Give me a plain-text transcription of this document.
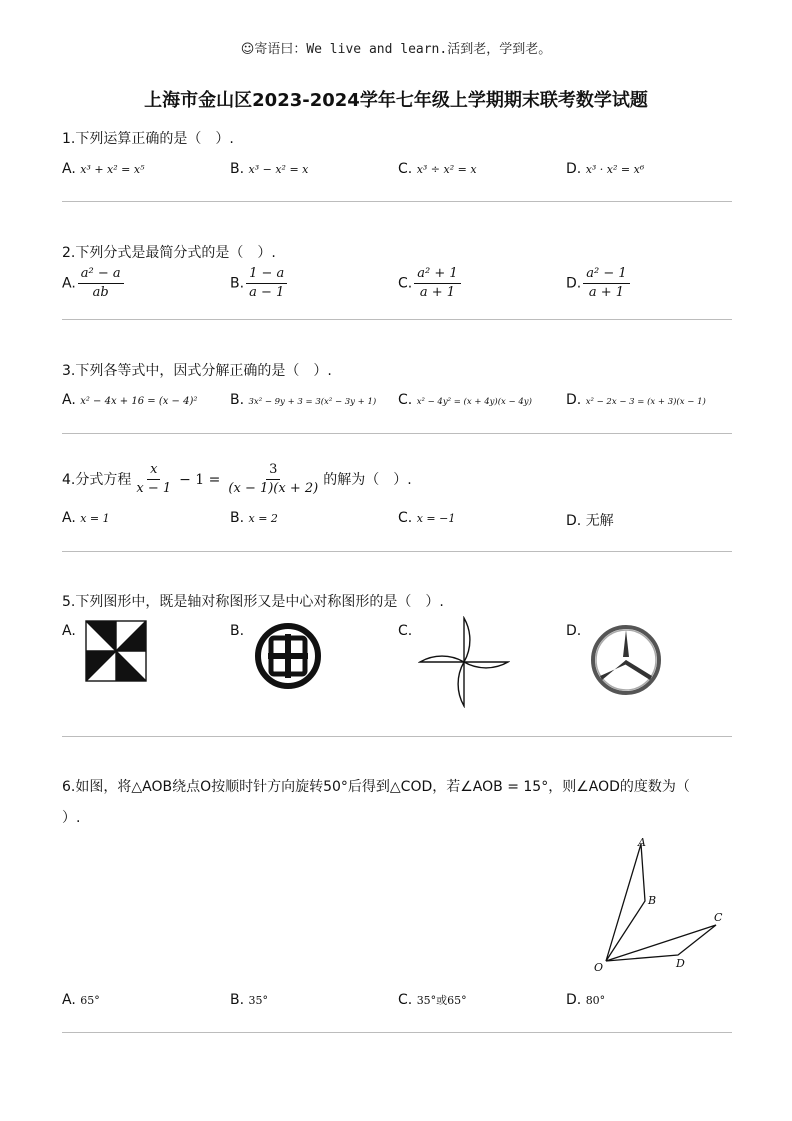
☺寄语曰：We live and learn.活到老，学到老。
上海市金山区2023-2024学年七年级上学期期末联考数学试题
1.下列运算正确的是（　）.
A. x³ + x² = x⁵	B. x³ − x² = x	C. x³ ÷ x² = x	D. x³ · x² = x⁶
2.下列分式是最简分式的是（　）.
A. $\frac{\text{a² − a}}{ab}$	B. $\frac{1 - a}{a - 1}$	C. $\frac{\text{a² + 1}}{a + 1}$	D. $\frac{\text{a² − 1}}{a + 1}$
3.下列各等式中，因式分解正确的是（　）.
A. x² − 4x + 16 = (x − 4)² B. 3x² − 9y + 3 = 3(x² − 3y + 1) C. x² − 4y² = (x + 4y)(x − 4y) D. x² − 2x − 3 = (x + 3)(x − 1)
4.分式方程 $\frac{x}{x - 1} - 1 = \frac{3}{(x - 1)(x + 2)}$ 的解为（　）.
A. x = 1	B. x = 2	C. x = −1	D. 无解
5.下列图形中，既是轴对称图形又是中心对称图形的是（　）.
A.	B.	C.	D.
6.如图，将△AOB绕点O按顺时针方向旋转50°后得到△COD，若∠AOB = 15°，则∠AOD的度数为（
）.
A
B
C
D
O
A. 65°	B. 35°	C. 35°或65°	D. 80°
